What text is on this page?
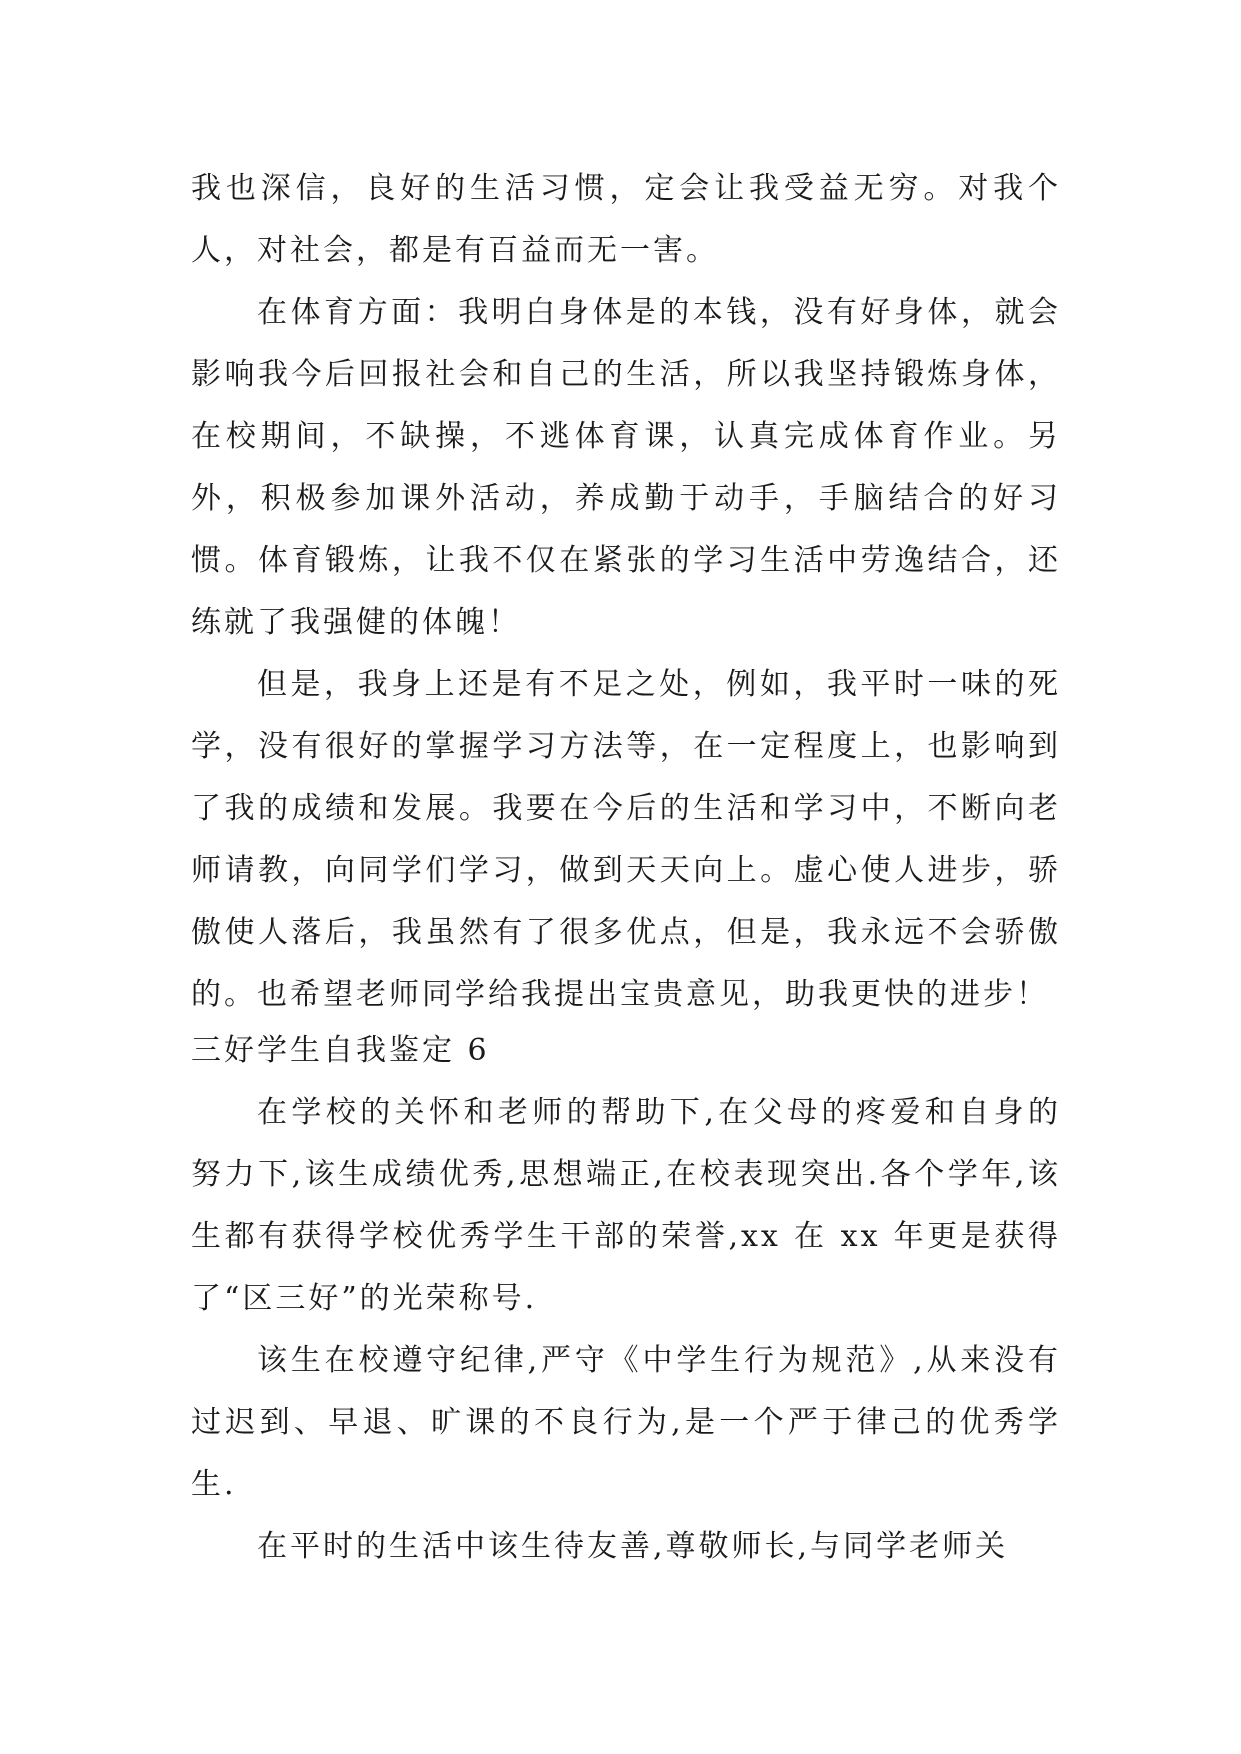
我也深信，良好的生活习惯，定会让我受益无穷。对我个人，对社会，都是有百益而无一害。

在体育方面：我明白身体是的本钱，没有好身体，就会影响我今后回报社会和自己的生活，所以我坚持锻炼身体，在校期间，不缺操，不逃体育课，认真完成体育作业。另外，积极参加课外活动，养成勤于动手，手脑结合的好习惯。体育锻炼，让我不仅在紧张的学习生活中劳逸结合，还练就了我强健的体魄！

但是，我身上还是有不足之处，例如，我平时一味的死学，没有很好的掌握学习方法等，在一定程度上，也影响到了我的成绩和发展。我要在今后的生活和学习中，不断向老师请教，向同学们学习，做到天天向上。虚心使人进步，骄傲使人落后，我虽然有了很多优点，但是，我永远不会骄傲的。也希望老师同学给我提出宝贵意见，助我更快的进步！

三好学生自我鉴定 6

在学校的关怀和老师的帮助下,在父母的疼爱和自身的努力下,该生成绩优秀,思想端正,在校表现突出.各个学年,该生都有获得学校优秀学生干部的荣誉,xx 在 xx 年更是获得了“区三好”的光荣称号.

该生在校遵守纪律,严守《中学生行为规范》,从来没有过迟到、早退、旷课的不良行为,是一个严于律己的优秀学生.

在平时的生活中该生待友善,尊敬师长,与同学老师关
